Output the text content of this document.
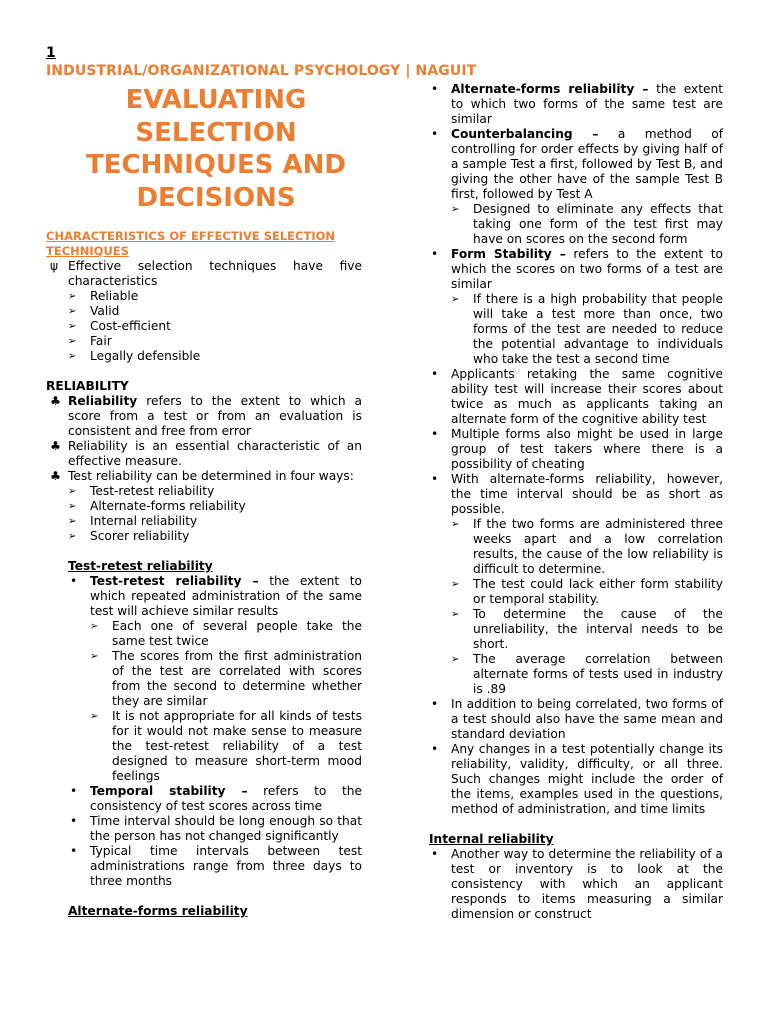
1
INDUSTRIAL/ORGANIZATIONAL PSYCHOLOGY | NAGUIT
EVALUATING
SELECTION
TECHNIQUES AND
DECISIONS
CHARACTERISTICS OF EFFECTIVE SELECTION TECHNIQUES
ψ Effective selection techniques have five characteristics
➢	Reliable
➢	Valid
➢	Cost-efficient
➢	Fair
➢	Legally defensible
RELIABILITY
♣ Reliability refers to the extent to which a score from a test or from an evaluation is consistent and free from error
♣ Reliability is an essential characteristic of an effective measure.
♣ Test reliability can be determined in four ways:
➢	Test-retest reliability
➢	Alternate-forms reliability
➢	Internal reliability
➢	Scorer reliability
Test-retest reliability
• Test-retest reliability – the extent to which repeated administration of the same test will achieve similar results
➢	Each one of several people take the same test twice
➢	The scores from the first administration of the test are correlated with scores from the second to determine whether they are similar
➢	It is not appropriate for all kinds of tests for it would not make sense to measure the test-retest reliability of a test designed to measure short-term mood feelings
• Temporal stability – refers to the consistency of test scores across time
• Time interval should be long enough so that the person has not changed significantly
• Typical time intervals between test administrations range from three days to three months
Alternate-forms reliability
• Alternate-forms reliability – the extent to which two forms of the same test are similar
• Counterbalancing – a method of controlling for order effects by giving half of a sample Test a first, followed by Test B, and giving the other have of the sample Test B first, followed by Test A
➢	Designed to eliminate any effects that taking one form of the test first may have on scores on the second form
• Form Stability – refers to the extent to which the scores on two forms of a test are similar
➢	If there is a high probability that people will take a test more than once, two forms of the test are needed to reduce the potential advantage to individuals who take the test a second time
• Applicants retaking the same cognitive ability test will increase their scores about twice as much as applicants taking an alternate form of the cognitive ability test
• Multiple forms also might be used in large group of test takers where there is a possibility of cheating
• With alternate-forms reliability, however, the time interval should be as short as possible.
➢	If the two forms are administered three weeks apart and a low correlation results, the cause of the low reliability is difficult to determine.
➢	The test could lack either form stability or temporal stability.
➢	To determine the cause of the unreliability, the interval needs to be short.
➢	The average correlation between alternate forms of tests used in industry is .89
• In addition to being correlated, two forms of a test should also have the same mean and standard deviation
• Any changes in a test potentially change its reliability, validity, difficulty, or all three. Such changes might include the order of the items, examples used in the questions, method of administration, and time limits
Internal reliability
• Another way to determine the reliability of a test or inventory is to look at the consistency with which an applicant responds to items measuring a similar dimension or construct
